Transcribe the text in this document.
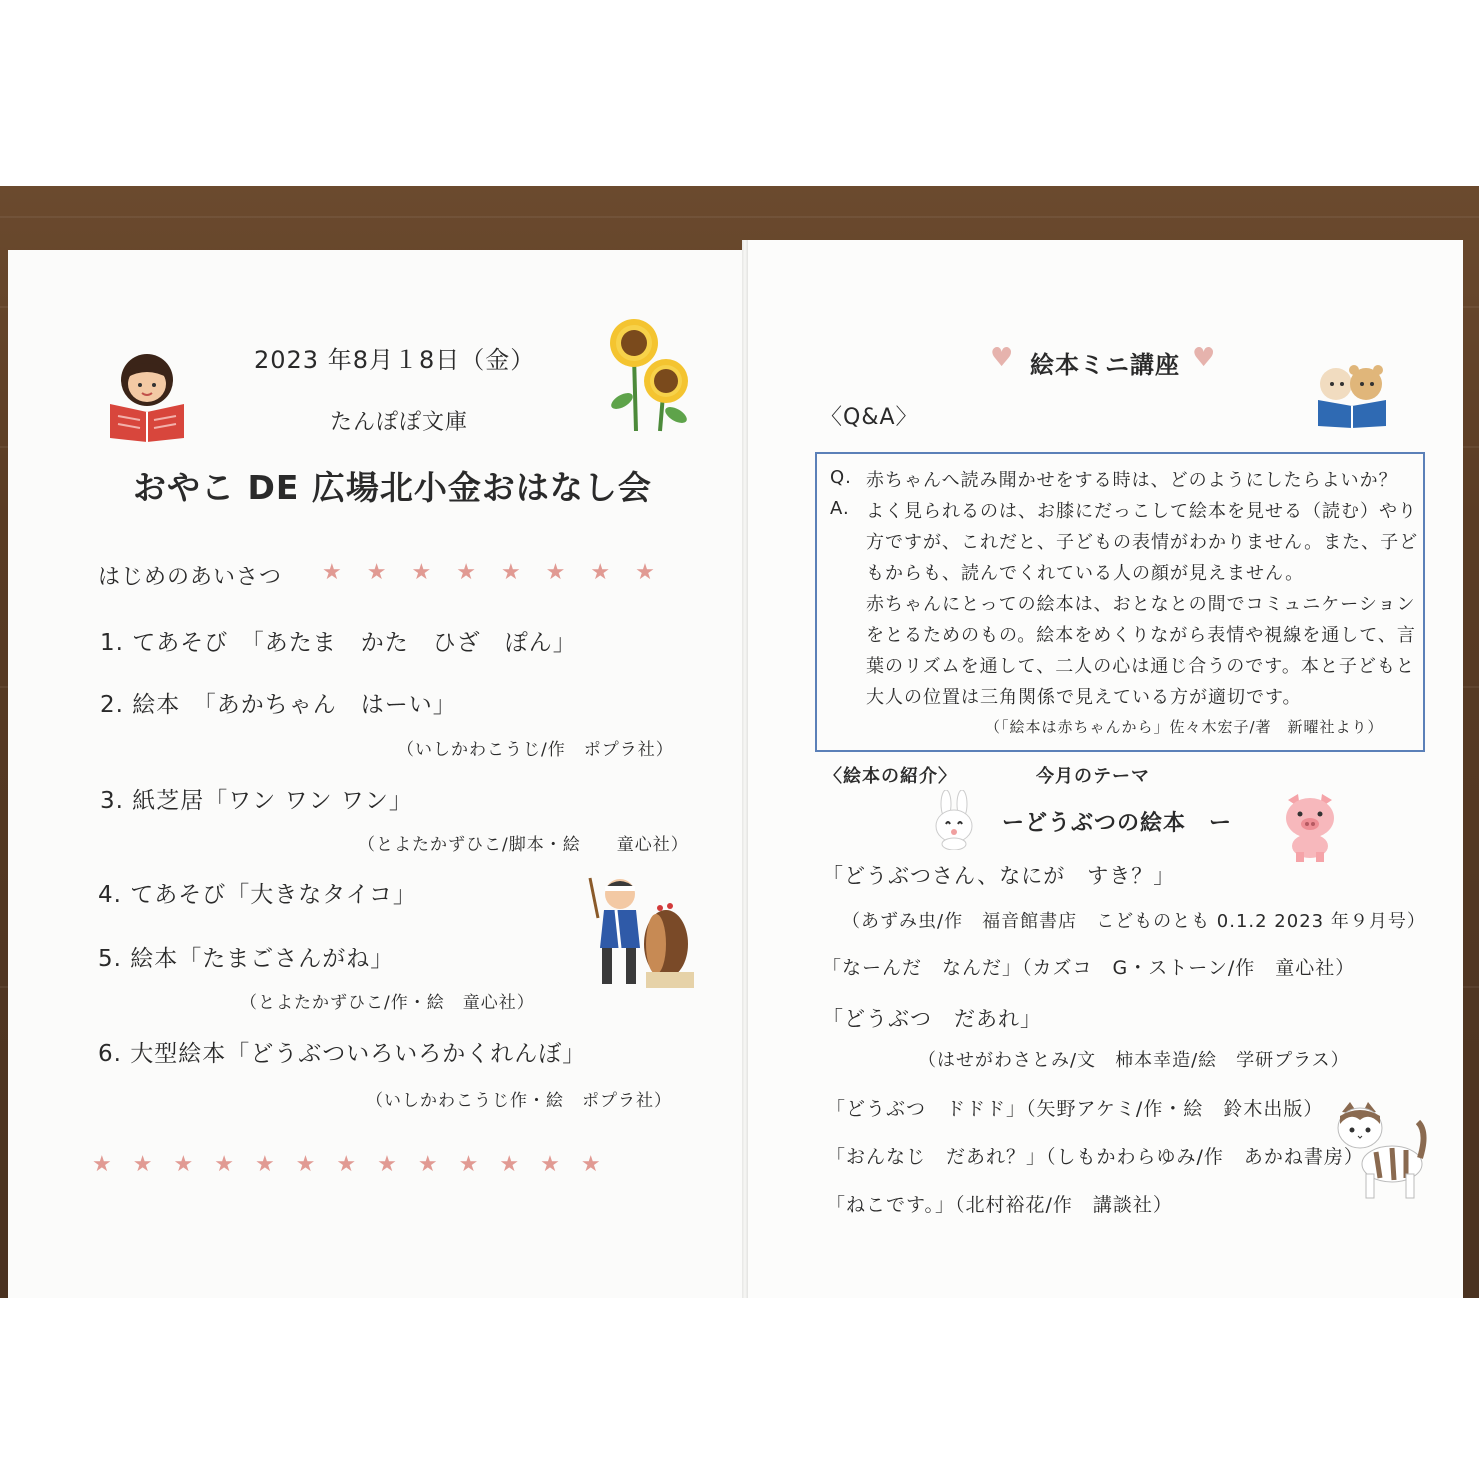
2023 年8月１8日（金）
たんぽぽ文庫
おやこ DE 広場北小金おはなし会
はじめのあいさつ ★ ★ ★ ★ ★ ★ ★ ★
1. てあそび　「あたま　かた　ひざ　ぽん」
2. 絵本　「あかちゃん　はーい」
（いしかわこうじ/作　ポプラ社）
3. 紙芝居「ワン ワン ワン」
（とよたかずひこ/脚本・絵　　童心社）
4. てあそび「大きなタイコ」
5. 絵本「たまごさんがね」
（とよたかずひこ/作・絵　童心社）
6. 大型絵本「どうぶついろいろかくれんぼ」
（いしかわこうじ作・絵　ポプラ社）
★ ★ ★ ★ ★ ★ ★ ★ ★ ★ ★ ★ ★
♥ 絵本ミニ講座 ♥
〈Q&A〉
Q. 赤ちゃんへ読み聞かせをする時は、どのようにしたらよいか？
A. よく見られるのは、お膝にだっこして絵本を見せる（読む）やり
方ですが、これだと、子どもの表情がわかりません。また、子ど
もからも、読んでくれている人の顔が見えません。
赤ちゃんにとっての絵本は、おとなとの間でコミュニケーション
をとるためのもの。絵本をめくりながら表情や視線を通して、言
葉のリズムを通して、二人の心は通じ合うのです。本と子どもと
大人の位置は三角関係で見えている方が適切です。
（「絵本は赤ちゃんから」佐々木宏子/著　新曜社より）
〈絵本の紹介〉	今月のテーマ
ーどうぶつの絵本　ー
「どうぶつさん、なにが　すき？」
（あずみ虫/作　福音館書店　こどものとも 0.1.2 2023 年９月号）
「なーんだ　なんだ」（カズコ　G・ストーン/作　童心社）
「どうぶつ　だあれ」
（はせがわさとみ/文　柿本幸造/絵　学研プラス）
「どうぶつ　ドドド」（矢野アケミ/作・絵　鈴木出版）
「おんなじ　だあれ？」（しもかわらゆみ/作　あかね書房）
「ねこです。」（北村裕花/作　講談社）
